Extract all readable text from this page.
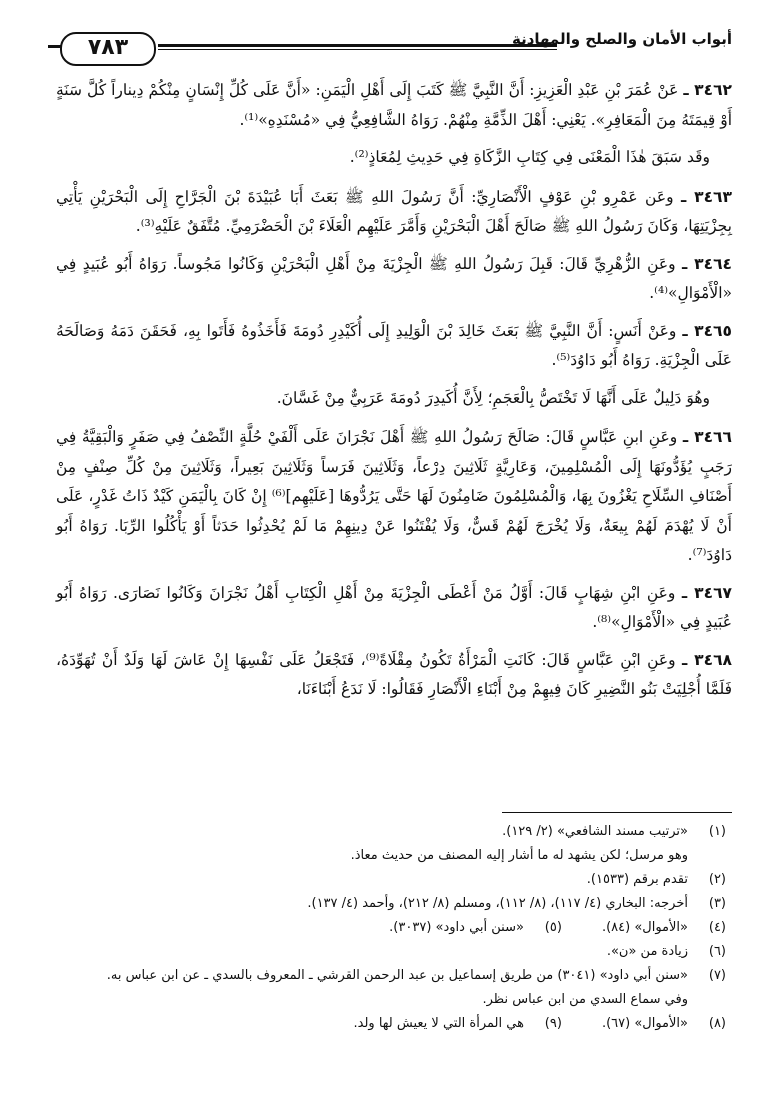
أبواب الأمان والصلح والمهادنة
٧٨٣

٣٤٦٢ ـ عَنْ عُمَرَ بْنِ عَبْدِ الْعَزِيزِ: أَنَّ النَّبِيَّ ﷺ كَتَبَ إِلَى أَهْلِ الْيَمَنِ: «أَنَّ عَلَى كُلِّ إِنْسَانٍ مِنْكُمْ دِيناراً كُلَّ سَنَةٍ أَوْ قِيمَتَهُ مِنَ الْمَعَافِرِ». يَعْنِي: أَهْلَ الذِّمَّةِ مِنْهُمْ. رَوَاهُ الشَّافِعِيُّ فِي «مُسْنَدِهِ»⁽¹⁾.

وقَد سَبَقَ هٰذَا الْمَعْنَى فِي كِتَابِ الزَّكَاةِ فِي حَدِيثِ لِمُعَاذٍ⁽²⁾.

٣٤٦٣ ـ وعَن عَمْرِو بْنِ عَوْفٍ الْأَنْصَارِيِّ: أَنَّ رَسُولَ اللهِ ﷺ بَعَثَ أَبَا عُبَيْدَةَ بْنَ الْجَرَّاحِ إِلَى الْبَحْرَيْنِ يَأْتِي بِجِزْيَتِهَا، وَكَانَ رَسُولُ اللهِ ﷺ صَالَحَ أَهْلَ الْبَحْرَيْنِ وَأَمَّرَ عَلَيْهِم الْعَلَاءَ بْنَ الْحَضْرَمِيِّ. مُتَّفَقٌ عَلَيْهِ⁽³⁾.

٣٤٦٤ ـ وعَنِ الزُّهْرِيِّ قَالَ: قَبِلَ رَسُولُ اللهِ ﷺ الْجِزْيَةَ مِنْ أَهْلِ الْبَحْرَيْنِ وَكَانُوا مَجُوساً. رَوَاهُ أَبُو عُبَيدٍ فِي «الْأَمْوَالِ»⁽⁴⁾.

٣٤٦٥ ـ وعَنْ أَنَسٍ: أَنَّ النَّبِيَّ ﷺ بَعَثَ خَالِدَ بْنَ الْوَلِيدِ إِلَى أُكَيْدِرِ دُومَةَ فَأَخَذُوهُ فَأَتَوا بِهِ، فَحَقَنَ دَمَهُ وَصَالَحَهُ عَلَى الْجِزْيَةِ. رَوَاهُ أَبُو دَاوُدَ⁽⁵⁾.

وهُوَ دَلِيلٌ عَلَى أَنَّهَا لَا تَخْتَصُّ بِالْعَجَمِ؛ لِأَنَّ أُكَيدِرَ دُومَةَ عَرَبِيٌّ مِنْ غَسَّانَ.

٣٤٦٦ ـ وعَنِ ابنِ عَبَّاسٍ قَالَ: صَالَحَ رَسُولُ اللهِ ﷺ أَهْلَ نَجْرَانَ عَلَى أَلْفَيْ حُلَّةٍ النِّصْفُ فِي صَفَرٍ وَالْبَقِيَّةُ فِي رَجَبٍ يُؤَدُّونَهَا إِلَى الْمُسْلِمِينَ، وَعَارِيَّةٍ ثَلَاثِينَ دِرْعاً، وَثَلَاثِينَ فَرَساً وَثَلَاثِينَ بَعِيراً، وَثَلَاثِينَ مِنْ كُلِّ صِنْفٍ مِنْ أَصْنَافِ السِّلَاحِ يَغْزُونَ بِهَا، وَالْمُسْلِمُونَ ضَامِنُونَ لَهَا حَتَّى يَرُدُّوهَا [عَلَيْهِم]⁽⁶⁾ إِنْ كَانَ بِالْيَمَنِ كَيْدٌ ذَاتُ غَدْرٍ، عَلَى أَنْ لَا يُهْدَمَ لَهُمْ بِيعَةٌ، وَلَا يُخْرَجَ لَهُمْ قَسٌّ، وَلَا يُفْتَنُوا عَنْ دِينِهِمْ مَا لَمْ يُحْدِثُوا حَدَثاً أَوْ يَأْكُلُوا الرِّبَا. رَوَاهُ أَبُو دَاوُدَ⁽⁷⁾.

٣٤٦٧ ـ وعَنِ ابْنِ شِهَابٍ قَالَ: أَوَّلُ مَنْ أَعْطَى الْجِزْيَةَ مِنْ أَهْلِ الْكِتَابِ أَهْلُ نَجْرَانَ وَكَانُوا نَصَارَى. رَوَاهُ أَبُو عُبَيدٍ فِي «الْأَمْوَالِ»⁽⁸⁾.

٣٤٦٨ ـ وعَنِ ابْنِ عَبَّاسٍ قَالَ: كَانَتِ الْمَرْأَةُ تَكُونُ مِقْلَاةً⁽⁹⁾، فَتَجْعَلُ عَلَى نَفْسِهَا إِنْ عَاشَ لَهَا وَلَدٌ أَنْ تُهَوِّدَهُ، فَلَمَّا أُجْلِيَتْ بَنُو النَّضِيرِ كَانَ فِيهِمْ مِنْ أَبْنَاءِ الْأَنْصَارِ فَقَالُوا: لَا نَدَعُ أَبْنَاءَنَا،

(١)
«ترتيب مسند الشافعي» (٢/ ١٢٩).
وهو مرسل؛ لكن يشهد له ما أشار إليه المصنف من حديث معاذ.
(٢)
تقدم برقم (١٥٣٣).
(٣)
أخرجه: البخاري (٤/ ١١٧)، (٨/ ١١٢)، ومسلم (٨/ ٢١٢)، وأحمد (٤/ ١٣٧).
(٤)
«الأموال» (٨٤).
(٥)
«سنن أبي داود» (٣٠٣٧).
(٦)
زيادة من «ن».
(٧)
«سنن أبي داود» (٣٠٤١) من طريق إسماعيل بن عبد الرحمن القرشي ـ المعروف بالسدي ـ عن ابن عباس به.
وفي سماع السدي من ابن عباس نظر.
(٨)
«الأموال» (٦٧).
(٩)
هي المرأة التي لا يعيش لها ولد.
